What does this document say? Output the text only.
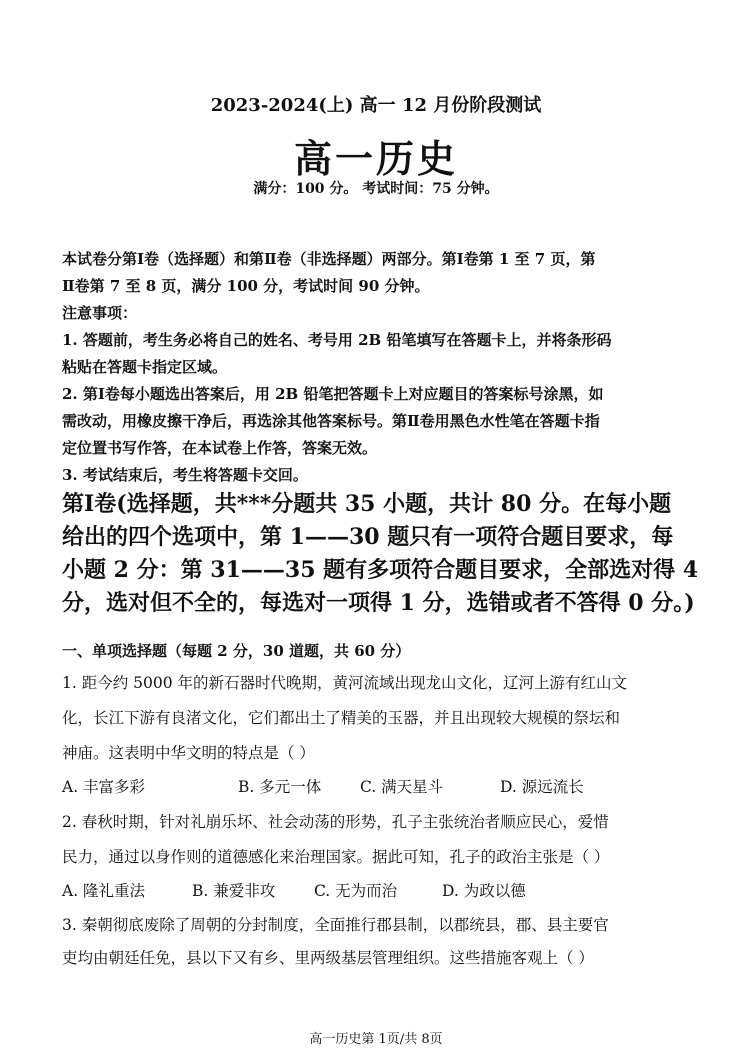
2023-2024(上) 高一 12 月份阶段测试
高一历史
满分：100 分。 考试时间：75 分钟。
本试卷分第Ⅰ卷（选择题）和第Ⅱ卷（非选择题）两部分。第Ⅰ卷第 1 至 7 页，第
Ⅱ卷第 7 至 8 页，满分 100 分，考试时间 90 分钟。
注意事项：
1. 答题前，考生务必将自己的姓名、考号用 2B 铅笔填写在答题卡上，并将条形码
粘贴在答题卡指定区域。
2. 第Ⅰ卷每小题选出答案后，用 2B 铅笔把答题卡上对应题目的答案标号涂黑，如
需改动，用橡皮擦干净后，再选涂其他答案标号。第Ⅱ卷用黑色水性笔在答题卡指
定位置书写作答，在本试卷上作答，答案无效。
3. 考试结束后，考生将答题卡交回。
第Ⅰ卷(选择题，共***分题共 35 小题，共计 80 分。在每小题
给出的四个选项中，第 1——30 题只有一项符合题目要求，每
小题 2 分：第 31——35 题有多项符合题目要求，全部选对得 4
分，选对但不全的，每选对一项得 1 分，选错或者不答得 0 分。)
一、单项选择题（每题 2 分，30 道题，共 60 分）
1. 距今约 5000 年的新石器时代晚期，黄河流域出现龙山文化，辽河上游有红山文
化，长江下游有良渚文化，它们都出土了精美的玉器，并且出现较大规模的祭坛和
神庙。这表明中华文明的特点是（ ）
A. 丰富多彩	B. 多元一体	C. 满天星斗	D. 源远流长
2. 春秋时期，针对礼崩乐坏、社会动荡的形势，孔子主张统治者顺应民心，爱惜
民力，通过以身作则的道德感化来治理国家。据此可知，孔子的政治主张是（ ）
A. 隆礼重法	B. 兼爱非攻	C. 无为而治	D. 为政以德
3. 秦朝彻底废除了周朝的分封制度，全面推行郡县制，以郡统县，郡、县主要官
吏均由朝廷任免，县以下又有乡、里两级基层管理组织。这些措施客观上（ ）
高一历史第 1页/共 8页
